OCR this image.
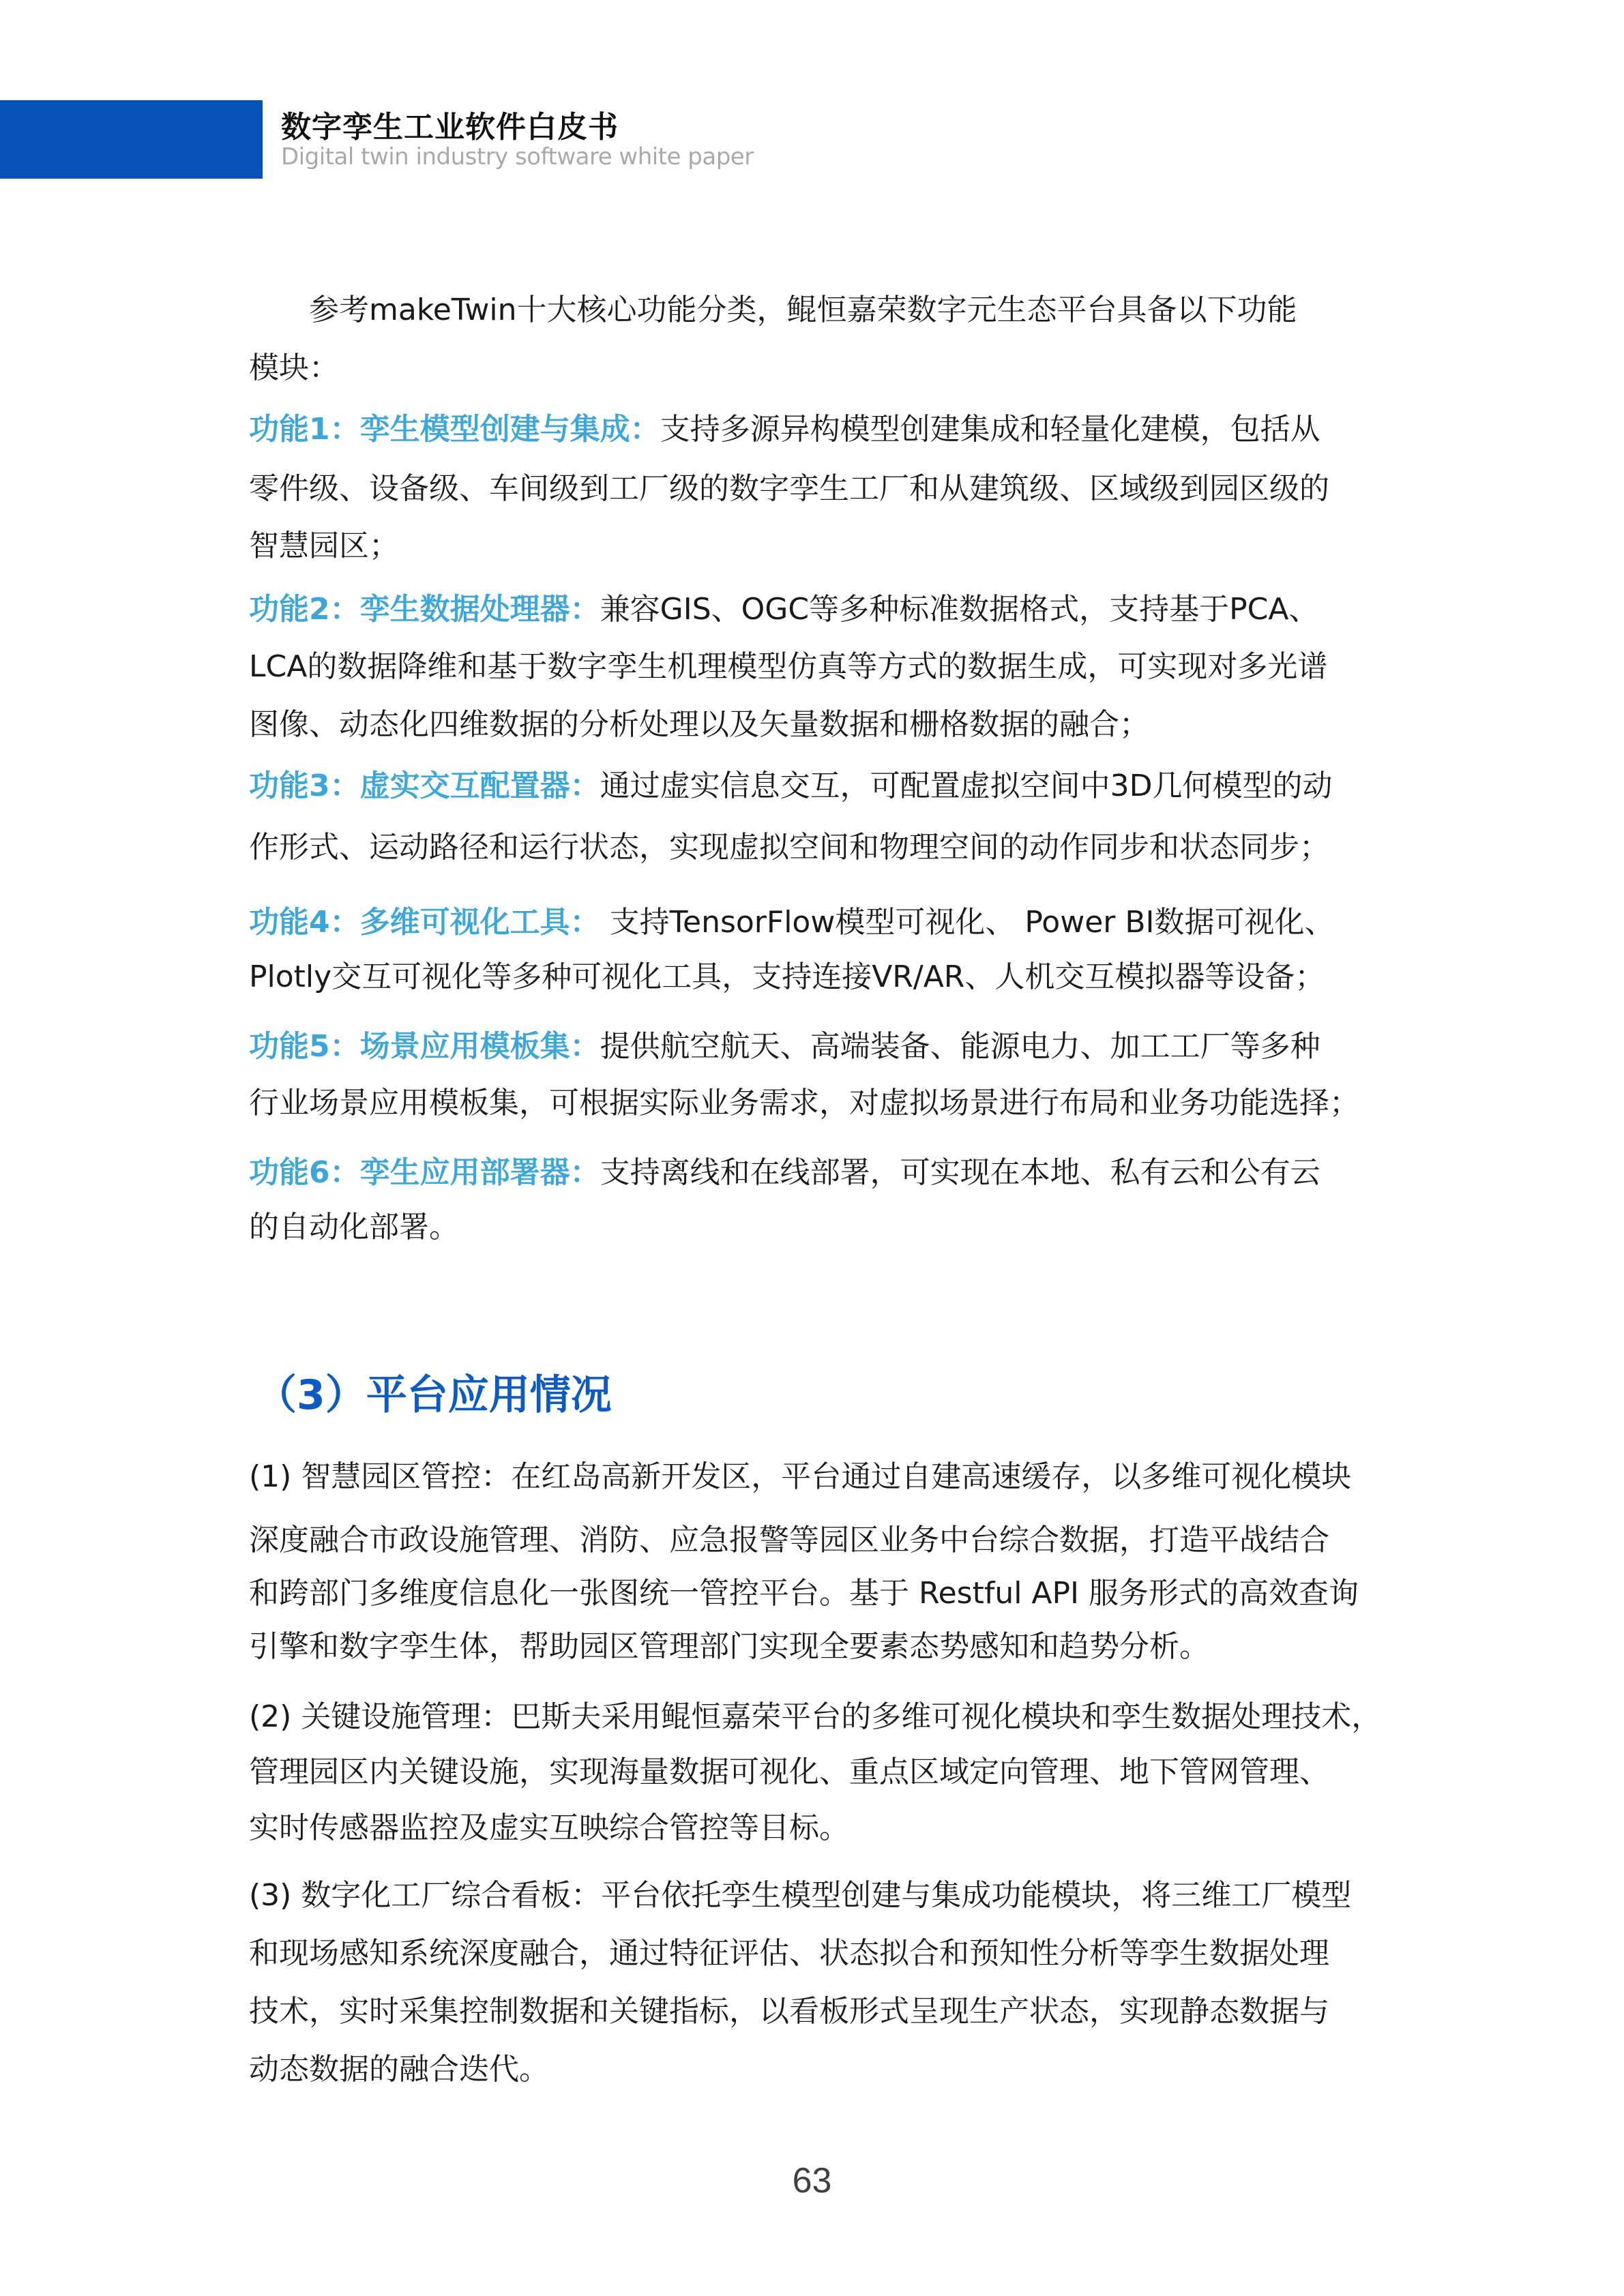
数字孪生工业软件白皮书
Digital twin industry software white paper
　　参考makeTwin十大核心功能分类，鲲恒嘉荣数字元生态平台具备以下功能
模块：
功能1：孪生模型创建与集成：支持多源异构模型创建集成和轻量化建模，包括从
零件级、设备级、车间级到工厂级的数字孪生工厂和从建筑级、区域级到园区级的
智慧园区；
功能2：孪生数据处理器：兼容GIS、OGC等多种标准数据格式，支持基于PCA、
LCA的数据降维和基于数字孪生机理模型仿真等方式的数据生成，可实现对多光谱
图像、动态化四维数据的分析处理以及矢量数据和栅格数据的融合；
功能3：虚实交互配置器：通过虚实信息交互，可配置虚拟空间中3D几何模型的动
作形式、运动路径和运行状态，实现虚拟空间和物理空间的动作同步和状态同步；
功能4：多维可视化工具： 支持TensorFlow模型可视化、 Power BI数据可视化、
Plotly交互可视化等多种可视化工具，支持连接VR/AR、人机交互模拟器等设备；
功能5：场景应用模板集：提供航空航天、高端装备、能源电力、加工工厂等多种
行业场景应用模板集，可根据实际业务需求，对虚拟场景进行布局和业务功能选择；
功能6：孪生应用部署器：支持离线和在线部署，可实现在本地、私有云和公有云
的自动化部署。
（3）平台应用情况
(1) 智慧园区管控：在红岛高新开发区，平台通过自建高速缓存，以多维可视化模块
深度融合市政设施管理、消防、应急报警等园区业务中台综合数据，打造平战结合
和跨部门多维度信息化一张图统一管控平台。基于 Restful API 服务形式的高效查询
引擎和数字孪生体，帮助园区管理部门实现全要素态势感知和趋势分析。
(2) 关键设施管理：巴斯夫采用鲲恒嘉荣平台的多维可视化模块和孪生数据处理技术，
管理园区内关键设施，实现海量数据可视化、重点区域定向管理、地下管网管理、
实时传感器监控及虚实互映综合管控等目标。
(3) 数字化工厂综合看板：平台依托孪生模型创建与集成功能模块，将三维工厂模型
和现场感知系统深度融合，通过特征评估、状态拟合和预知性分析等孪生数据处理
技术，实时采集控制数据和关键指标，以看板形式呈现生产状态，实现静态数据与
动态数据的融合迭代。
63
